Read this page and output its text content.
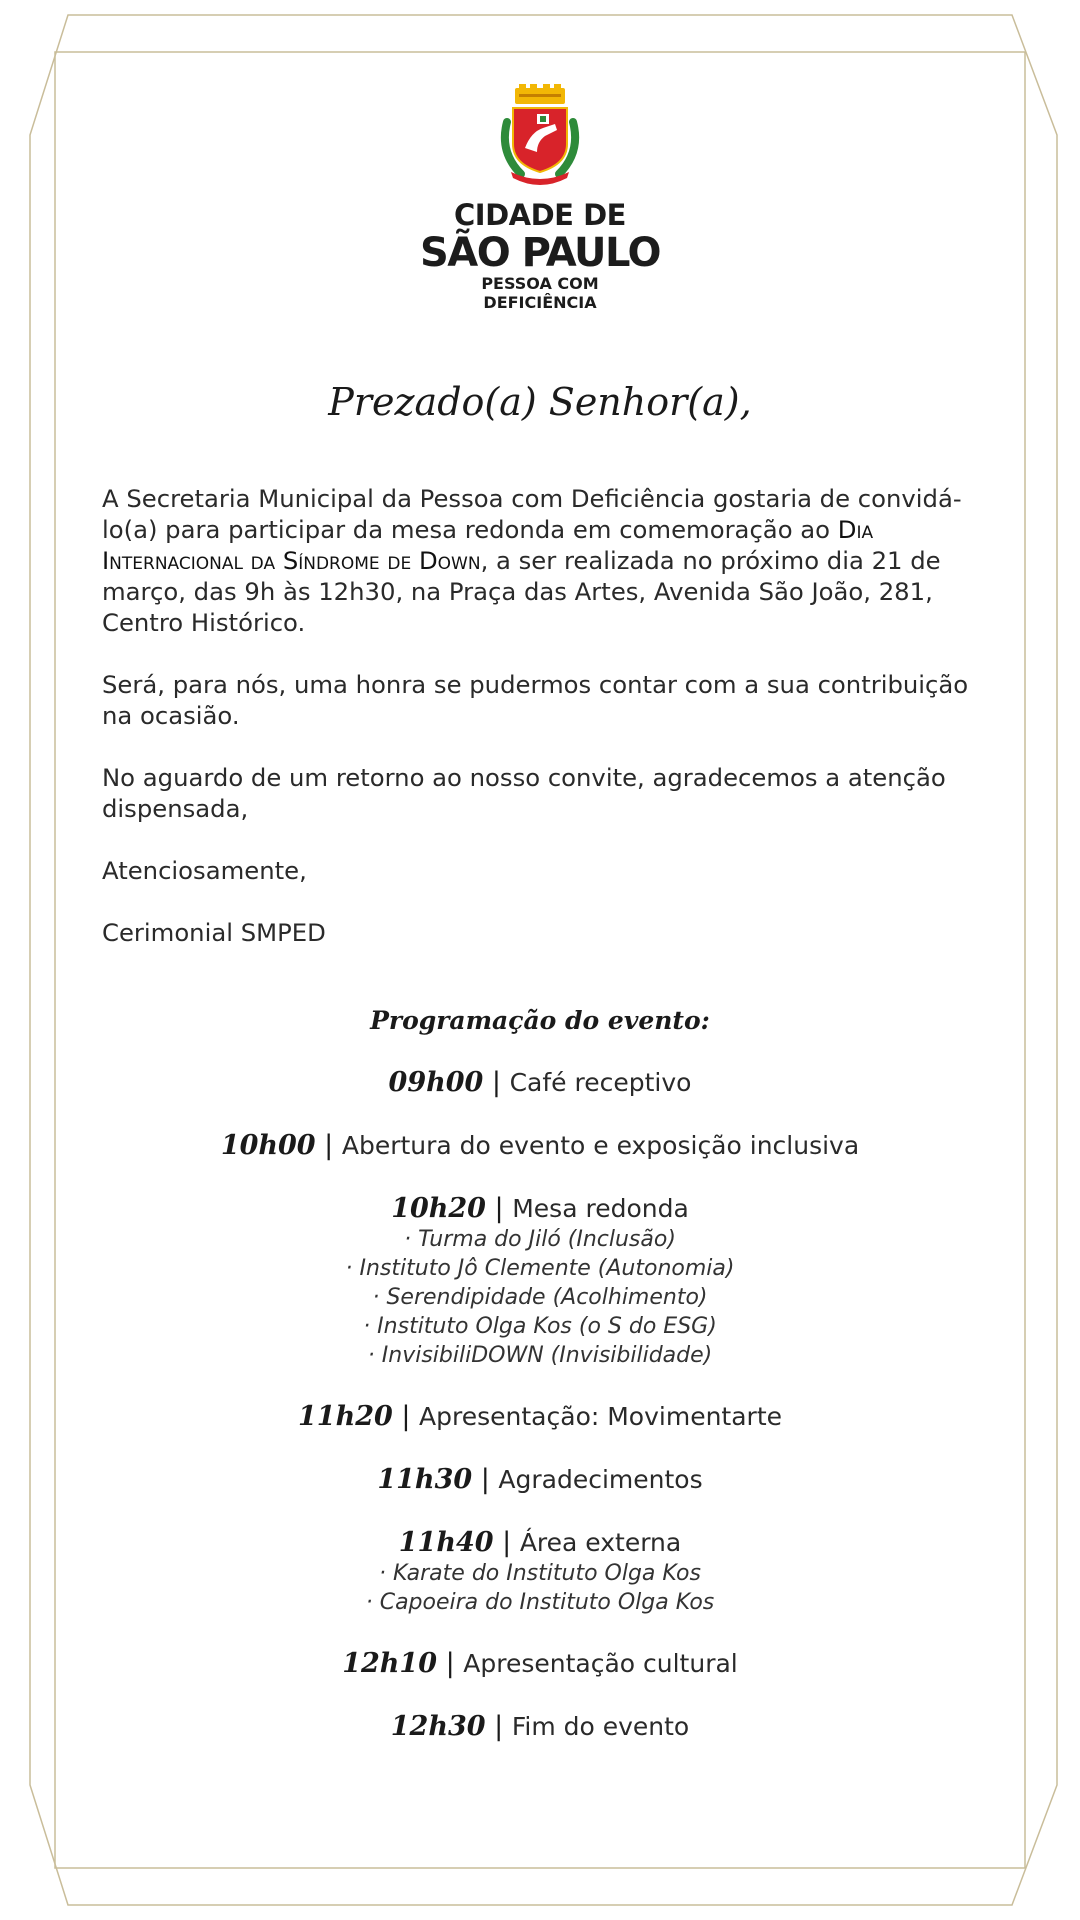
CIDADE DE
SÃO PAULO
PESSOA COM
DEFICIÊNCIA
Prezado(a) Senhor(a),

A Secretaria Municipal da Pessoa com Deficiência gostaria de convidá-lo(a) para participar da mesa redonda em comemoração ao Dia Internacional da Síndrome de Down, a ser realizada no próximo dia 21 de março, das 9h às 12h30, na Praça das Artes, Avenida São João, 281, Centro Histórico.

Será, para nós, uma honra se pudermos contar com a sua contribuição na ocasião.

No aguardo de um retorno ao nosso convite, agradecemos a atenção dispensada,

Atenciosamente,

Cerimonial SMPED

Programação do evento:
09h00 | Café receptivo
10h00 | Abertura do evento e exposição inclusiva
10h20 | Mesa redonda
· Turma do Jiló (Inclusão)
· Instituto Jô Clemente (Autonomia)
· Serendipidade (Acolhimento)
· Instituto Olga Kos (o S do ESG)
· InvisibiliDOWN (Invisibilidade)
11h20 | Apresentação: Movimentarte
11h30 | Agradecimentos
11h40 | Área externa
· Karate do Instituto Olga Kos
· Capoeira do Instituto Olga Kos
12h10 | Apresentação cultural
12h30 | Fim do evento
